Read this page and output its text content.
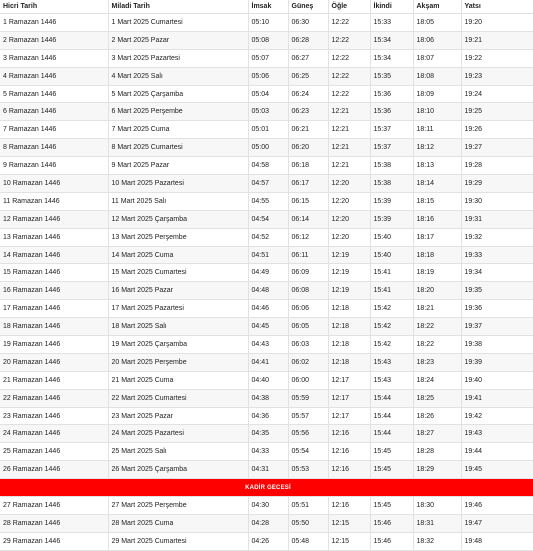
Hicri Tarih	Miladi Tarih	İmsak	Güneş	Öğle	İkindi	Akşam	Yatsı
1 Ramazan 1446	1 Mart 2025 Cumartesi	05:10	06:30	12:22	15:33	18:05	19:20
2 Ramazan 1446	2 Mart 2025 Pazar	05:08	06:28	12:22	15:34	18:06	19:21
3 Ramazan 1446	3 Mart 2025 Pazartesi	05:07	06:27	12:22	15:34	18:07	19:22
4 Ramazan 1446	4 Mart 2025 Salı	05:06	06:25	12:22	15:35	18:08	19:23
5 Ramazan 1446	5 Mart 2025 Çarşamba	05:04	06:24	12:22	15:36	18:09	19:24
6 Ramazan 1446	6 Mart 2025 Perşembe	05:03	06:23	12:21	15:36	18:10	19:25
7 Ramazan 1446	7 Mart 2025 Cuma	05:01	06:21	12:21	15:37	18:11	19:26
8 Ramazan 1446	8 Mart 2025 Cumartesi	05:00	06:20	12:21	15:37	18:12	19:27
9 Ramazan 1446	9 Mart 2025 Pazar	04:58	06:18	12:21	15:38	18:13	19:28
10 Ramazan 1446	10 Mart 2025 Pazartesi	04:57	06:17	12:20	15:38	18:14	19:29
11 Ramazan 1446	11 Mart 2025 Salı	04:55	06:15	12:20	15:39	18:15	19:30
12 Ramazan 1446	12 Mart 2025 Çarşamba	04:54	06:14	12:20	15:39	18:16	19:31
13 Ramazan 1446	13 Mart 2025 Perşembe	04:52	06:12	12:20	15:40	18:17	19:32
14 Ramazan 1446	14 Mart 2025 Cuma	04:51	06:11	12:19	15:40	18:18	19:33
15 Ramazan 1446	15 Mart 2025 Cumartesi	04:49	06:09	12:19	15:41	18:19	19:34
16 Ramazan 1446	16 Mart 2025 Pazar	04:48	06:08	12:19	15:41	18:20	19:35
17 Ramazan 1446	17 Mart 2025 Pazartesi	04:46	06:06	12:18	15:42	18:21	19:36
18 Ramazan 1446	18 Mart 2025 Salı	04:45	06:05	12:18	15:42	18:22	19:37
19 Ramazan 1446	19 Mart 2025 Çarşamba	04:43	06:03	12:18	15:42	18:22	19:38
20 Ramazan 1446	20 Mart 2025 Perşembe	04:41	06:02	12:18	15:43	18:23	19:39
21 Ramazan 1446	21 Mart 2025 Cuma	04:40	06:00	12:17	15:43	18:24	19:40
22 Ramazan 1446	22 Mart 2025 Cumartesi	04:38	05:59	12:17	15:44	18:25	19:41
23 Ramazan 1446	23 Mart 2025 Pazar	04:36	05:57	12:17	15:44	18:26	19:42
24 Ramazan 1446	24 Mart 2025 Pazartesi	04:35	05:56	12:16	15:44	18:27	19:43
25 Ramazan 1446	25 Mart 2025 Salı	04:33	05:54	12:16	15:45	18:28	19:44
26 Ramazan 1446	26 Mart 2025 Çarşamba	04:31	05:53	12:16	15:45	18:29	19:45
KADİR GECESİ							
27 Ramazan 1446	27 Mart 2025 Perşembe	04:30	05:51	12:16	15:45	18:30	19:46
28 Ramazan 1446	28 Mart 2025 Cuma	04:28	05:50	12:15	15:46	18:31	19:47
29 Ramazan 1446	29 Mart 2025 Cumartesi	04:26	05:48	12:15	15:46	18:32	19:48
